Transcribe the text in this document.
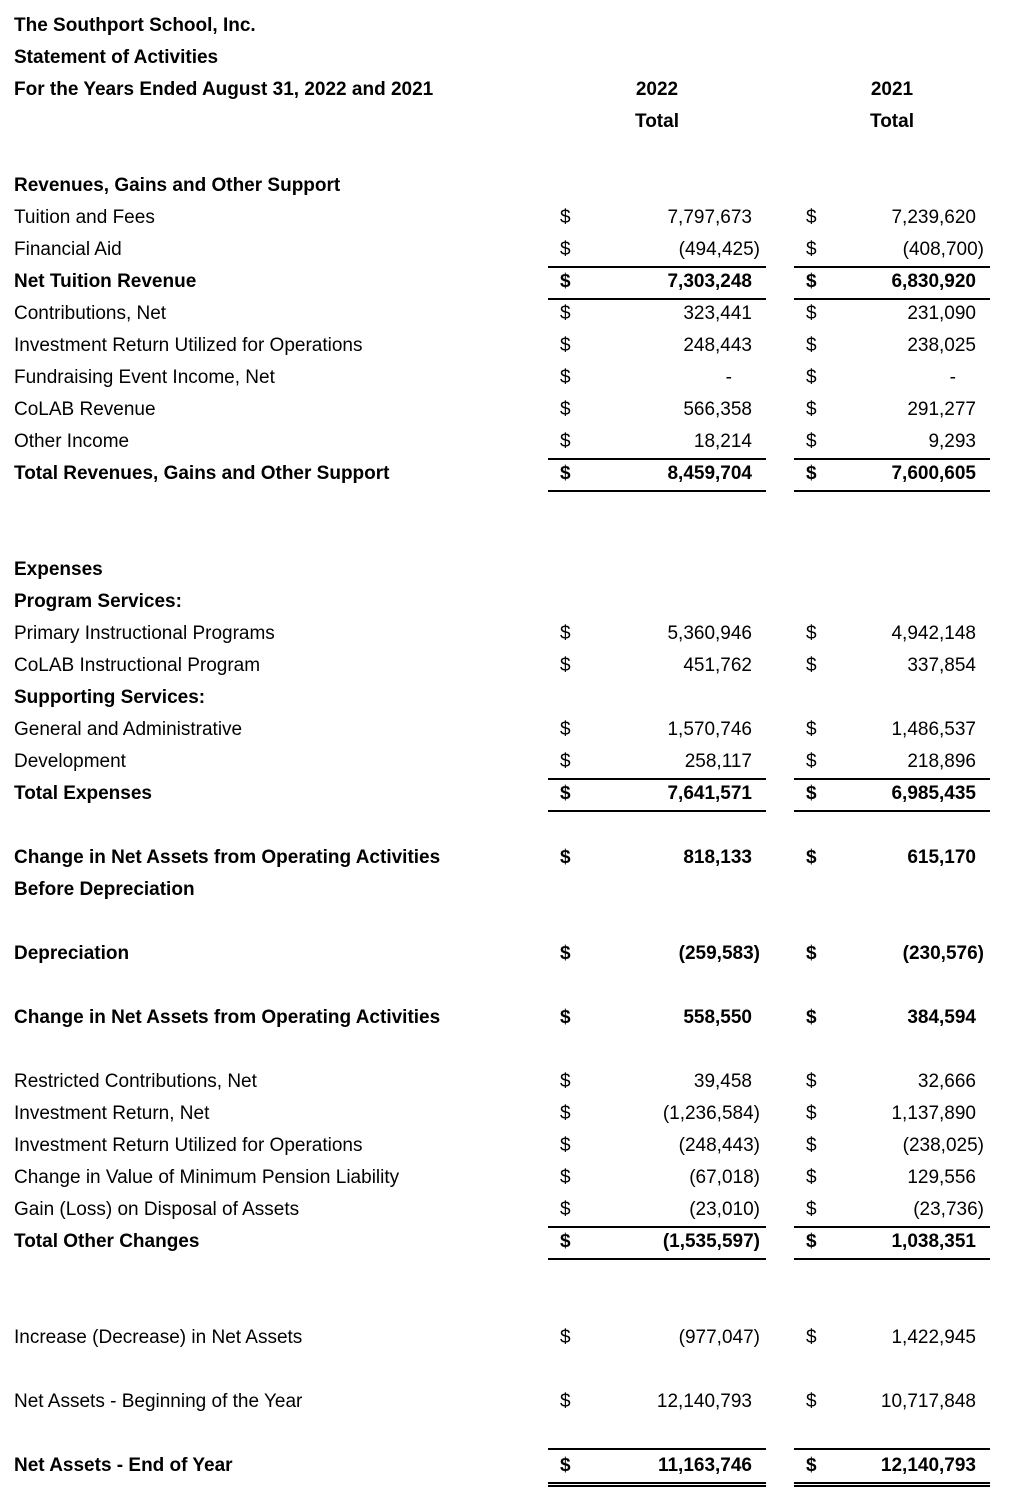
The Southport School, Inc.
Statement of Activities
For the Years Ended August 31, 2022 and 2021	2022	2021
Total	Total
Revenues, Gains and Other Support
Tuition and Fees	$	7,797,673	$	7,239,620
Financial Aid	$	(494,425) $	(408,700)
Net Tuition Revenue	$	7,303,248	$	6,830,920
Contributions, Net	$	323,441	$	231,090
Investment Return Utilized for Operations	$	248,443	$	238,025
Fundraising Event Income, Net	$	-	$	-
CoLAB Revenue	$	566,358	$	291,277
Other Income	$	18,214	$	9,293
Total Revenues, Gains and Other Support	$	8,459,704	$	7,600,605
Expenses
Program Services:
Primary Instructional Programs	$	5,360,946	$	4,942,148
CoLAB Instructional Program	$	451,762	$	337,854
Supporting Services:
General and Administrative	$	1,570,746	$	1,486,537
Development	$	258,117	$	218,896
Total Expenses	$	7,641,571	$	6,985,435
Change in Net Assets from Operating Activities	$	818,133	$	615,170
Before Depreciation
Depreciation	$	(259,583) $	(230,576)
Change in Net Assets from Operating Activities	$	558,550	$	384,594
Restricted Contributions, Net	$	39,458	$	32,666
Investment Return, Net	$	(1,236,584) $	1,137,890
Investment Return Utilized for Operations	$	(248,443) $	(238,025)
Change in Value of Minimum Pension Liability	$	(67,018) $	129,556
Gain (Loss) on Disposal of Assets	$	(23,010) $	(23,736)
Total Other Changes	$	(1,535,597) $	1,038,351
Increase (Decrease) in Net Assets	$	(977,047) $	1,422,945
Net Assets - Beginning of the Year	$	12,140,793	$	10,717,848
Net Assets - End of Year	$	11,163,746	$	12,140,793
